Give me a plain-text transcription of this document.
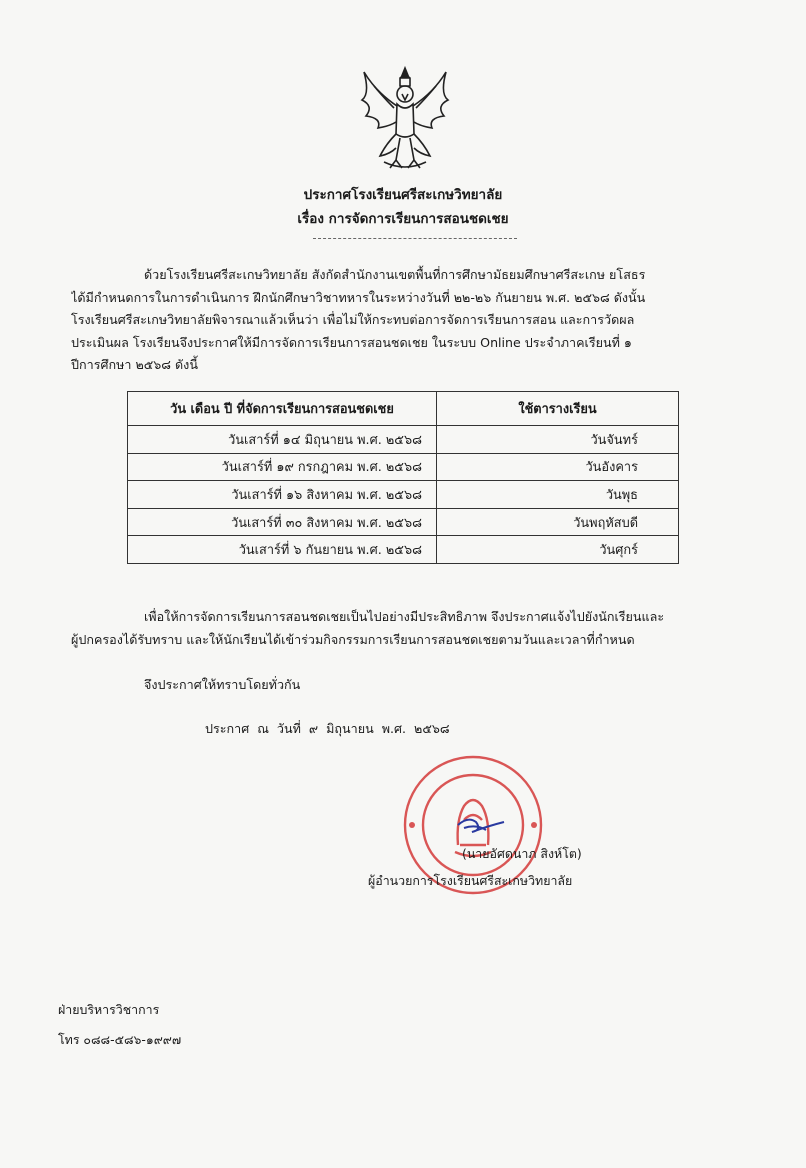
ประกาศโรงเรียนศรีสะเกษวิทยาลัย
เรื่อง การจัดการเรียนการสอนชดเชย
ด้วยโรงเรียนศรีสะเกษวิทยาลัย สังกัดสำนักงานเขตพื้นที่การศึกษามัธยมศึกษาศรีสะเกษ ยโสธร
ได้มีกำหนดการในการดำเนินการ ฝึกนักศึกษาวิชาทหารในระหว่างวันที่ ๒๒-๒๖ กันยายน พ.ศ. ๒๕๖๘ ดังนั้น
โรงเรียนศรีสะเกษวิทยาลัยพิจารณาแล้วเห็นว่า เพื่อไม่ให้กระทบต่อการจัดการเรียนการสอน และการวัดผล
ประเมินผล โรงเรียนจึงประกาศให้มีการจัดการเรียนการสอนชดเชย ในระบบ Online ประจำภาคเรียนที่ ๑
ปีการศึกษา ๒๕๖๘ ดังนี้
วัน เดือน ปี ที่จัดการเรียนการสอนชดเชย	ใช้ตารางเรียน
วันเสาร์ที่ ๑๔ มิถุนายน พ.ศ. ๒๕๖๘	วันจันทร์
วันเสาร์ที่ ๑๙ กรกฎาคม พ.ศ. ๒๕๖๘	วันอังคาร
วันเสาร์ที่ ๑๖ สิงหาคม พ.ศ. ๒๕๖๘	วันพุธ
วันเสาร์ที่ ๓๐ สิงหาคม พ.ศ. ๒๕๖๘	วันพฤหัสบดี
วันเสาร์ที่ ๖ กันยายน พ.ศ. ๒๕๖๘	วันศุกร์
เพื่อให้การจัดการเรียนการสอนชดเชยเป็นไปอย่างมีประสิทธิภาพ จึงประกาศแจ้งไปยังนักเรียนและ
ผู้ปกครองได้รับทราบ และให้นักเรียนได้เข้าร่วมกิจกรรมการเรียนการสอนชดเชยตามวันและเวลาที่กำหนด
จึงประกาศให้ทราบโดยทั่วกัน
ประกาศ ณ วันที่ ๙ มิถุนายน พ.ศ. ๒๕๖๘
(นายอัศดนาภ สิงห์โต)
ผู้อำนวยการโรงเรียนศรีสะเกษวิทยาลัย
ฝ่ายบริหารวิชาการ
โทร ๐๘๘-๕๘๖-๑๙๙๗
